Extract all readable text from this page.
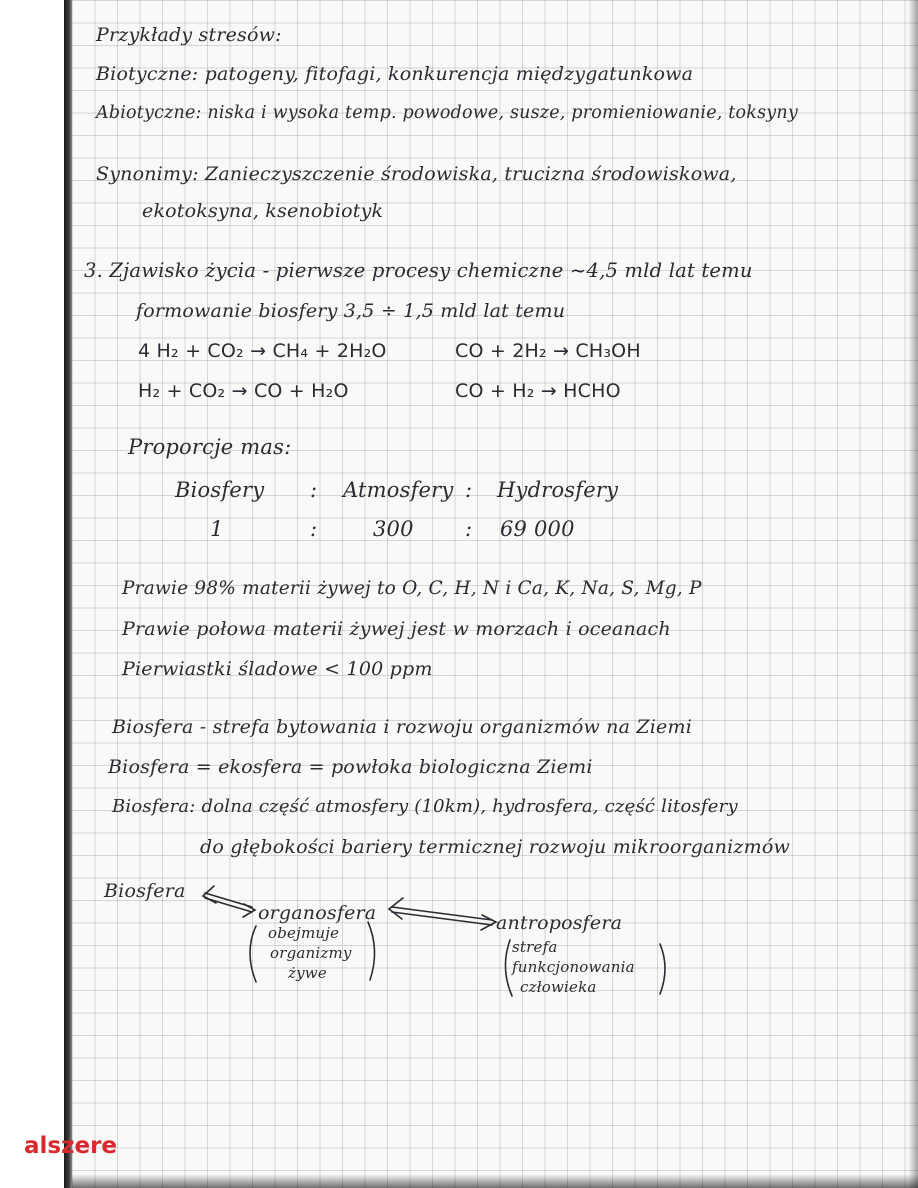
Przykłady stresów:
Biotyczne: patogeny, fitofagi, konkurencja międzygatunkowa
Abiotyczne: niska i wysoka temp. powodowe, susze, promieniowanie, toksyny
Synonimy: Zanieczyszczenie środowiska, trucizna środowiskowa,
ekotoksyna, ksenobiotyk
3. Zjawisko życia - pierwsze procesy chemiczne ~4,5 mld lat temu
formowanie biosfery 3,5 ÷ 1,5 mld lat temu
4 H₂ + CO₂ → CH₄ + 2H₂O	CO + 2H₂ → CH₃OH
H₂ + CO₂ → CO + H₂O	CO + H₂ → HCHO
Proporcje mas:
Biosfery : Atmosfery : Hydrosfery
1	:	300 : 69 000
Prawie 98% materii żywej to O, C, H, N i Ca, K, Na, S, Mg, P
Prawie połowa materii żywej jest w morzach i oceanach
Pierwiastki śladowe < 100 ppm
Biosfera - strefa bytowania i rozwoju organizmów na Ziemi
Biosfera = ekosfera = powłoka biologiczna Ziemi
Biosfera: dolna część atmosfery (10km), hydrosfera, część litosfery
do głębokości bariery termicznej rozwoju mikroorganizmów
Biosfera
organosfera
obejmuje
organizmy
żywe
antroposfera
strefa
funkcjonowania
człowieka
alszere
